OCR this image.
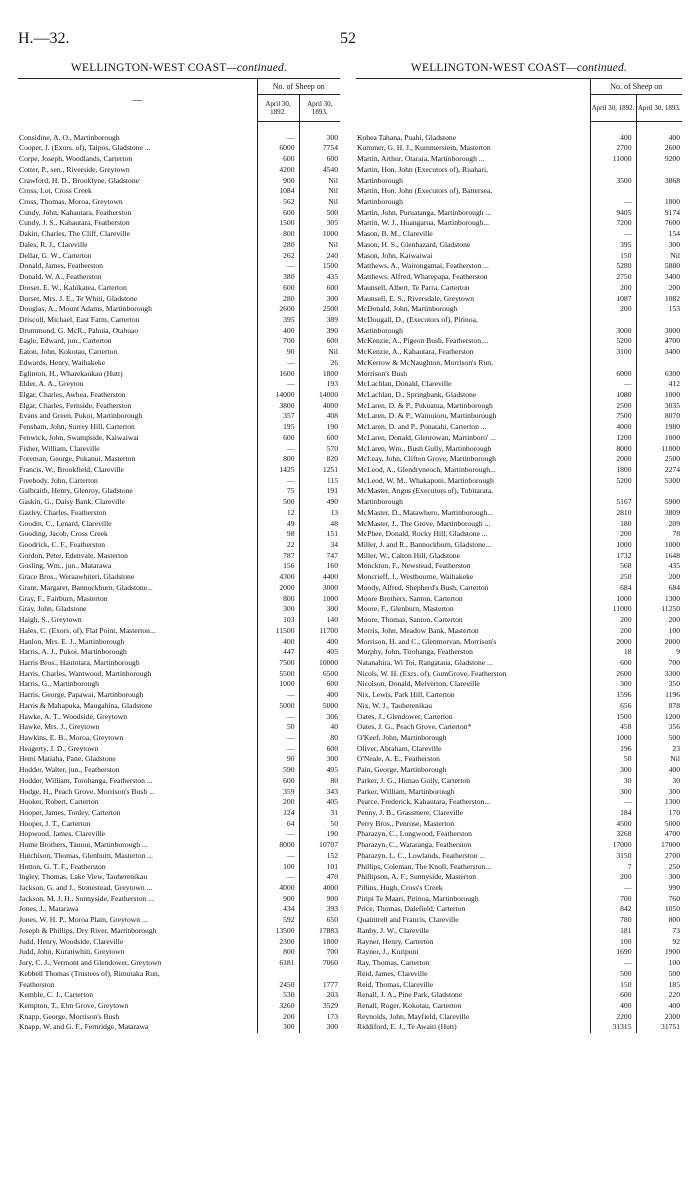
H.—32.	52
WELLINGTON-WEST COAST—continued.
—	No. of Sheep on	
	April 30, 1892.	April 30, 1893.

Considine, A. O., Martinborough	—	300
Cooper, J. (Exors. of), Taipos, Gladstone ...	6000	7754
Corpe, Joseph, Woodlands, Carterton	600	600
Cotter, P., sen., Riverside, Greytown	4200	4540
Crawford, H. D., Brooklyne, Gladstone	900	Nil
Cross, Lot, Cross Creek	1084	Nil
Cross, Thomas, Moroa, Greytown	562	Nil
Cundy, John, Kahautara, Featherston	600	500
Cundy, J. S., Kahautara, Featherston	1500	305
Dakin, Charles, The Cliff, Clareville	800	1000
Dales, R. J., Clareville	280	Nil
Dellar, G. W., Carterton	262	240
Donald, James, Featherston	—	1500
Donald, W. A., Featherston	380	435
Dorset, E. W., Kahikatea, Carterton	600	600
Dorset, Mrs. J. E., Te Whiti, Gladstone	280	300
Douglas, A., Mount Adams, Martinborough	2600	2500
Driscoll, Michael, East Farm, Carterton	395	389
Drummond, G. McR., Pahuia, Otahuao	400	390
Eagle, Edward, jun., Carterton	700	600
Eaton, John, Kokotau, Carterton	90	Nil
Edwards, Henry, Waihakeke	—	26
Eglinton, H., Wharekaukau (Hutt)	1600	1800
Elder, A. A., Greytou	—	193
Elgar, Charles, Awhea, Featherston	14000	14000
Elgar, Charles, Fernside, Featherston	3800	4000
Evans and Green, Pukoi, Martinborough	357	408
Fensham, John, Surrey Hill, Carterton	195	190
Fenwick, John, Swampside, Kaiwaiwai	600	600
Fisher, William, Clareville	—	570
Foreman, George, Pukanui, Masterton	800	820
Francis, W., Brookfield, Clareville	1425	1251
Freebody, John, Carterton	—	115
Galbraith, Henry, Glenroy, Gladstone	75	191
Gaskin, G., Daisy Bank, Clareville	500	490
Gazley, Charles, Featherston	12	13
Goodin, C., Lenard, Clareville	49	48
Gooding, Jacob, Cross Creek	98	151
Goodrick, C. F., Featherston	22	34
Gordon, Peter, Edenvale, Masterton	787	747
Gosling, Wm., jun., Matarawa	156	160
Grace Bros., Weraawhiteri, Gladstone	4300	4400
Grant, Margaret, Bannockburn, Gladstone...	2000	3000
Gray, F., Fairburn, Masterton	800	1000
Gray, John, Gladstone	300	300
Haigh, S., Greytown	103	140
Hales, C. (Exors. of), Flat Point, Masterton...	11500	11700
Hanlon, Mrs. E. J., Martinborough	400	400
Harris, A. J., Pukoi, Martinborough	447	405
Harris Bros., Hautotara, Martinborough	7500	10000
Harris, Charles, Wantwood, Martinborough	5500	6500
Harris, G., Martinborough	1000	600
Harris, George, Papawai, Martinborough	—	400
Harris & Mahapuka, Maugahina, Gladstone	5000	5000
Hawke, A. T., Woodside, Greytown	—	306
Hawke, Mrs. J., Greytown	50	40
Hawkins, E. B., Moroa, Greytown	—	80
Heagerty, J. D., Greytown	—	600
Hemi Matiaha, Pane, Gladstone	90	300
Hodder, Walter, jun., Featherston	590	495
Hodder, William, Torohanga, Featherston ...	600	80
Hodge, H., Peach Grove, Morrison's Bush ...	359	343
Hooker, Robert, Carterton	200	405
Hooper, James, Tonley, Carterton	124	31
Hooper, J. T., Carterton	64	50
Hopwood, James, Clareville	—	190
Hume Brothers, Tauuui, Martinborough ...	8000	10707
Hutchison, Thomas, Glenburn, Masterton ...	—	152
Hutton, G. T. F., Featherston	100	101
Ingley, Thomas, Lake View, Tauherenikau	—	470
Jackson, G. and J., Stonestead, Greytown ...	4000	4000
Jackson, M. J. H., Sunnyside, Featherston ...	900	900
Jones, J., Matarawa	434	393
Jones, W. H. P., Moroa Plain, Greytown ...	592	650
Joseph & Phillips, Dry River, Martinborough	13500	17883
Judd, Henry, Woodside, Clareville	2300	1800
Judd, John, Kuratiwhiti, Greytown	800	700
Jury, C. J., Vermont and Glendower, Greytown	6181	7060
Kebbell Thomas (Trustees of), Rimutaka Run,		
Featherston	2450	1777
Kemble, C. J., Carterton	530	203
Kempton, T., Elm Grove, Greytown	3260	3529
Knapp, George, Morrison's Bush	200	173
Knapp, W. and G. F., Fernridge, Matarawa	300	300
WELLINGTON-WEST COAST—continued.
	No. of Sheep on	
	April 30, 1892.	April 30, 1893.

Kohea Tahana, Puahi, Gladstone	400	400
Kummer, G. H. J., Kummerstein, Masterton	2700	2600
Martin, Arthur, Otaraia, Martinborough ...	11000	9200
Martin, Hon. John (Executors of), Ruahari,		
Martinborough	3500	3868
Martin, Hon. John (Executors of), Battersea,		
Martinborough	—	1800
Martin, John, Puruatanga, Martinborough ...	9405	9174
Martin, W. J., Huangarua, Martinborough...	7200	7600
Mason, B. M., Clareville	—	154
Mason, H. S., Glenhazard, Gladstone	395	300
Mason, John, Kaiwaiwai	150	Nil
Matthews, A., Wairongamai, Featherston ...	5280	5880
Matthews, Alfred, Wharepapa, Featherston	2750	3400
Maunsell, Albert, Te Parra, Carterton	200	200
Maunsell, E. S., Riversdale, Greytown	1087	1082
McDonald, John, Martinborough	200	153
McDougall, D., (Executors of), Pirinoa,		
Martinborough	3000	3000
McKenzie, A., Pigeon Bush, Featherston ...	5200	4700
McKenzie, A., Kahautara, Featherston	3100	3400
McKerrow & McNaughton, Morrison's Run,		
Morrison's Bush	6000	6300
McLachlan, Donald, Clareville	—	412
McLachlan, D., Springbank, Gladstone	1080	1000
McLaren, D. & P., Pukuatua, Martinborough	2500	3035
McLaren, D. & P., Wainuioru, Martinborough	7500	8070
McLaren, D. and P., Ponatahi, Carterton ...	4000	1980
McLaren, Donald, Glenrowan, Martinboro' ...	1200	1000
McLaren, Wm., Bush Gully, Martinborough	8000	11000
McLeay, John, Clifton Grove, Martinborough	2000	2500
McLeod, A., Glendryneoch, Martinborough...	1800	2274
McLeod, W. M., Whakaponi, Martinborough	5200	5300
McMaster, Angus (Executors of), Tubitarata,		
Martinborough	5167	5900
McMaster, D., Matawhero, Martinborough...	2810	3809
McMaster, J., The Grove, Martinborough ...	180	209
McPhee, Donald, Rocky Hill, Gladstone ...	200	78
Miller, J. and R., Bannockburn, Gladstone...	1000	1000
Miller, W., Calton Hill, Gladstone	1732	1648
Monckton, F., Newstead, Featherston	568	435
Moncrieff, J., Westbourne, Waihakeke	250	200
Moody, Alfred, Shepherd's Bush, Carterton	684	684
Moore Brothers, Santon, Carterton	1000	1300
Moore, F., Glenburn, Masterton	11000	11250
Moore, Thomas, Santon, Carterton	200	200
Morris, John, Meadow Bank, Masterton	200	100
Morrison, H. and C., Glenmorvan, Morrison's	2000	2000
Murphy, John, Tirohanga, Featherston	18	9
Natanahira, Wi Toi, Rangataua, Gladstone ...	600	700
Nicols, W. H. (Exrs. of), GumGrove, Featherston	2600	3300
Nicolson, Donald, Melverton, Clareville	300	350
Nix, Lewis, Park Hill, Carterton	1596	1196
Nix, W. J., Tauherenikau	656	878
Oates, J., Glendower, Carterton	1500	1200
Oates, J. G., Peach Grove, Carterton*	458	356
O'Keef, John, Martinborough	1000	500
Oliver, Abraham, Clareville	196	23
O'Neale, A. E., Featherston	50	Nil
Pain, George, Martinborough	300	400
Parker, J. G., Himau Gully, Carterton	30	30
Parker, William, Martinborough	300	300
Pearce, Frederick, Kahautara, Featherston...	—	1300
Penny, J. B., Grassmere, Clareville	184	170
Perry Bros., Penrose, Masterton	4500	5000
Pharazyn, C., Longwood, Featherston	3268	4700
Pharazyn, C., Wataranga, Featherston	17000	17000
Pharazyn, L. C., Lowlands, Featherston ...	3150	2700
Phillips, Coleman, The Knoll, Featherston...	7	250
Phillipson, A. F., Sunnyside, Masterton	200	300
Pillins, Hugh, Cross's Creek	—	990
Piripi Te Maari, Pirinoa, Martinborough	700	760
Price, Thomas, Dalefield, Carterton	842	1050
Quaintrell and Francis, Clareville	780	800
Ranby, J. W., Clareville	181	73
Rayner, Henry, Carterton	100	92
Rayner, J., Kuripuni	1690	1900
Ray, Thomas, Carterton	—	100
Reid, James, Clareville	500	500
Reid, Thomas, Clareville	150	185
Renall, J. A., Pine Park, Gladstone	600	220
Renall, Roger, Kokotau, Carterton	400	400
Reynolds, John, Mayfield, Clareville	2200	2300
Riddiford, E. J., Te Awaiti (Hutt)	31315	31751
